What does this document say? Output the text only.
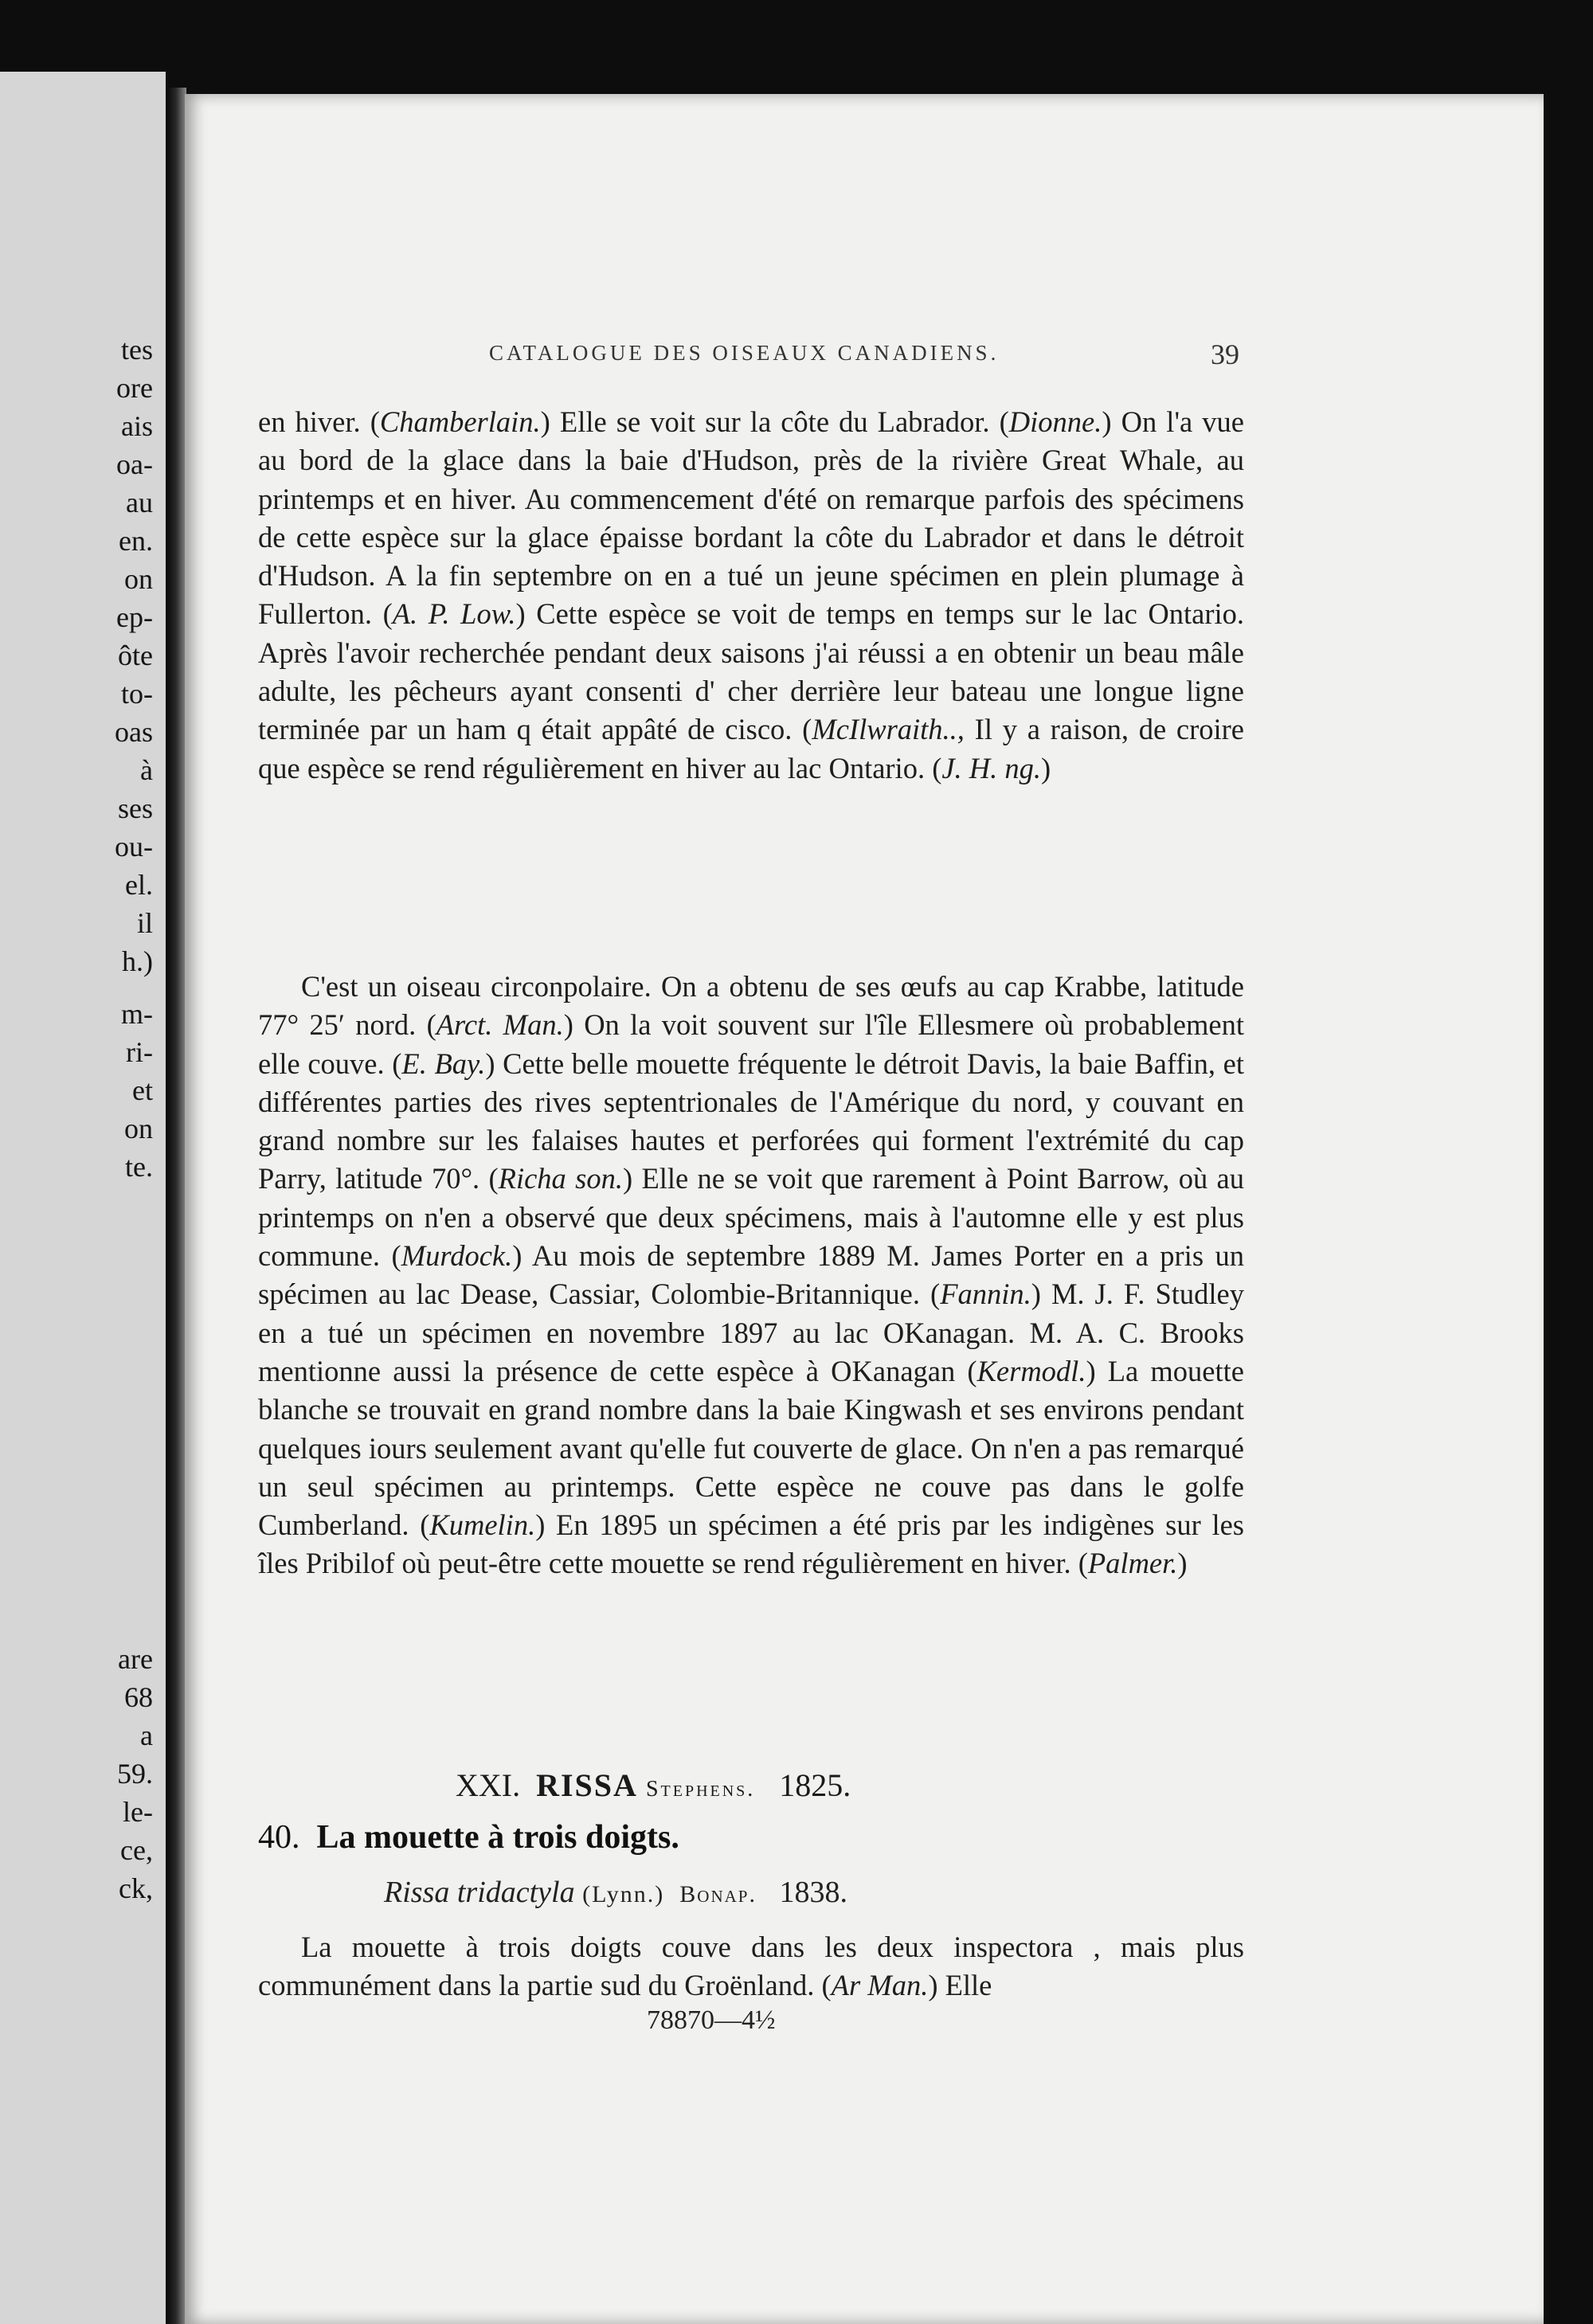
tes
ore
ais
oa-
au
en.
on
ep-
ôte
to-
oas
à
ses
ou-
el.
il
h.)
m-
ri-
et
on
te.
are
68
a
59.
le-
ce,
ck,
CATALOGUE DES OISEAUX CANADIENS.	39

en hiver. (Chamberlain.) Elle se voit sur la côte du Labrador. (Dionne.) On l'a vue au bord de la glace dans la baie d'Hudson, près de la rivière Great Whale, au printemps et en hiver. Au commencement d'été on remarque parfois des spécimens de cette espèce sur la glace épaisse bordant la côte du Labrador et dans le détroit d'Hudson. A la fin septembre on en a tué un jeune spécimen en plein plumage à Fullerton. (A. P. Low.) Cette espèce se voit de temps en temps sur le lac Ontario. Après l'avoir recherchée pendant deux saisons j'ai réussi a en obtenir un beau mâle adulte, les pêcheurs ayant consenti d' cher derrière leur bateau une longue ligne terminée par un ham q était appâté de cisco. (McIlwraith.., Il y a raison, de croire que espèce se rend régulièrement en hiver au lac Ontario. (J. H. ng.)

C'est un oiseau circonpolaire. On a obtenu de ses œufs au cap Krabbe, latitude 77° 25′ nord. (Arct. Man.) On la voit souvent sur l'île Ellesmere où probablement elle couve. (E. Bay.) Cette belle mouette fréquente le détroit Davis, la baie Baffin, et différentes parties des rives septentrionales de l'Amérique du nord, y couvant en grand nombre sur les falaises hautes et perforées qui forment l'extrémité du cap Parry, latitude 70°. (Richa son.) Elle ne se voit que rarement à Point Barrow, où au printemps on n'en a observé que deux spécimens, mais à l'automne elle y est plus commune. (Murdock.) Au mois de septembre 1889 M. James Porter en a pris un spécimen au lac Dease, Cassiar, Colombie-Britannique. (Fannin.) M. J. F. Studley en a tué un spécimen en novembre 1897 au lac OKanagan. M. A. C. Brooks mentionne aussi la présence de cette espèce à OKanagan (Kermodl.) La mouette blanche se trouvait en grand nombre dans la baie Kingwash et ses environs pendant quelques iours seulement avant qu'elle fut couverte de glace. On n'en a pas remarqué un seul spécimen au printemps. Cette espèce ne couve pas dans le golfe Cumberland. (Kumelin.) En 1895 un spécimen a été pris par les indigènes sur les îles Pribilof où peut-être cette mouette se rend régulièrement en hiver. (Palmer.)

XXI. RISSA Stephens. 1825.
40. La mouette à trois doigts.
Rissa tridactyla (Lynn.) Bonap. 1838.

La mouette à trois doigts couve dans les deux inspectora , mais plus communément dans la partie sud du Groënland. (Ar Man.) Elle

78870—4½
